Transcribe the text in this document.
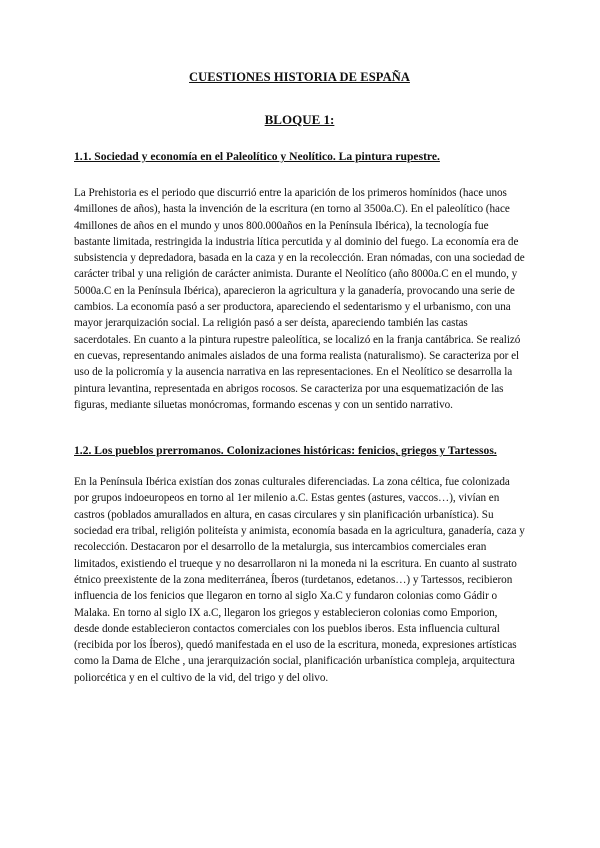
CUESTIONES HISTORIA DE ESPAÑA
BLOQUE 1:
1.1. Sociedad y economía en el Paleolítico y Neolítico. La pintura rupestre.

La Prehistoria es el periodo que discurrió entre la aparición de los primeros homínidos (hace unos 4millones de años), hasta la invención de la escritura (en torno al 3500a.C). En el paleolítico (hace 4millones de años en el mundo y unos 800.000años en la Península Ibérica), la tecnología fue bastante limitada, restringida la industria lítica percutida y al dominio del fuego. La economía era de subsistencia y depredadora, basada en la caza y en la recolección. Eran nómadas, con una sociedad de carácter tribal y una religión de carácter animista. Durante el Neolítico (año 8000a.C en el mundo, y 5000a.C en la Península Ibérica), aparecieron la agricultura y la ganadería, provocando una serie de cambios. La economía pasó a ser productora, apareciendo el sedentarismo y el urbanismo, con una mayor jerarquización social. La religión pasó a ser deísta, apareciendo también las castas sacerdotales. En cuanto a la pintura rupestre paleolítica, se localizó en la franja cantábrica. Se realizó en cuevas, representando animales aislados de una forma realista (naturalismo). Se caracteriza por el uso de la policromía y la ausencia narrativa en las representaciones. En el Neolítico se desarrolla la pintura levantina, representada en abrigos rocosos. Se caracteriza por una esquematización de las figuras, mediante siluetas monócromas, formando escenas y con un sentido narrativo.

1.2. Los pueblos prerromanos. Colonizaciones históricas: fenicios, griegos y Tartessos.

En la Península Ibérica existían dos zonas culturales diferenciadas. La zona céltica, fue colonizada por grupos indoeuropeos en torno al 1er milenio a.C. Estas gentes (astures, vaccos…), vivían en castros (poblados amurallados en altura, en casas circulares y sin planificación urbanística). Su sociedad era tribal, religión politeísta y animista, economía basada en la agricultura, ganadería, caza y recolección. Destacaron por el desarrollo de la metalurgia, sus intercambios comerciales eran limitados, existiendo el trueque y no desarrollaron ni la moneda ni la escritura. En cuanto al sustrato étnico preexistente de la zona mediterránea, Íberos (turdetanos, edetanos…) y Tartessos, recibieron influencia de los fenicios que llegaron en torno al siglo Xa.C y fundaron colonias como Gádir o Malaka. En torno al siglo IX a.C, llegaron los griegos y establecieron colonias como Emporion, desde donde establecieron contactos comerciales con los pueblos iberos. Esta influencia cultural (recibida por los Íberos), quedó manifestada en el uso de la escritura, moneda, expresiones artísticas como la Dama de Elche , una jerarquización social, planificación urbanística compleja, arquitectura poliorcética y en el cultivo de la vid, del trigo y del olivo.
